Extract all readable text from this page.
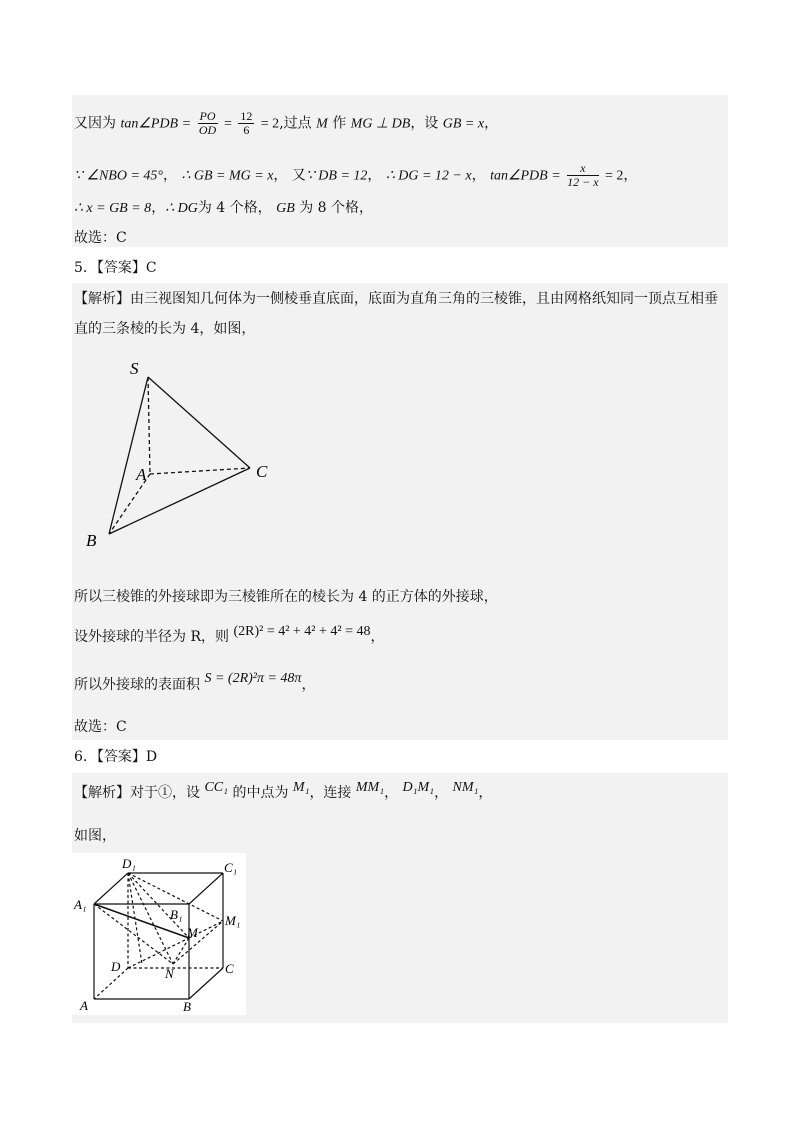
又因为 tan∠PDB = $\frac{PO}{OD} = \frac{12}{6} = 2$,过点 M 作 MG ⊥ DB，设 GB = x，
∵ ∠NBO = 45°， ∴ GB = MG = x， 又∵ DB = 12， ∴ DG = 12 − x， tan∠PDB = $\frac{x}{12 - x} = 2$，
∴ x = GB = 8，∴ DG为 4 个格， GB 为 8 个格，
故选：C
5．【答案】C
【解析】由三视图知几何体为一侧棱垂直底面，底面为直角三角的三棱锥，且由网格纸知同一顶点互相垂
直的三条棱的长为 4，如图，
S
A
B
C
所以三棱锥的外接球即为三棱锥所在的棱长为 4 的正方体的外接球，
设外接球的半径为 R，则 (2R)² = 4² + 4² + 4² = 48，
所以外接球的表面积 S = (2R)²π = 48π，
故选：C
6．【答案】D
【解析】对于①，设 CC₁ 的中点为 M₁，连接 MM₁， D₁M₁， NM₁，
如图，
A₁
D₁	C₁
B₁	M₁
M
D	N	C
A	B
